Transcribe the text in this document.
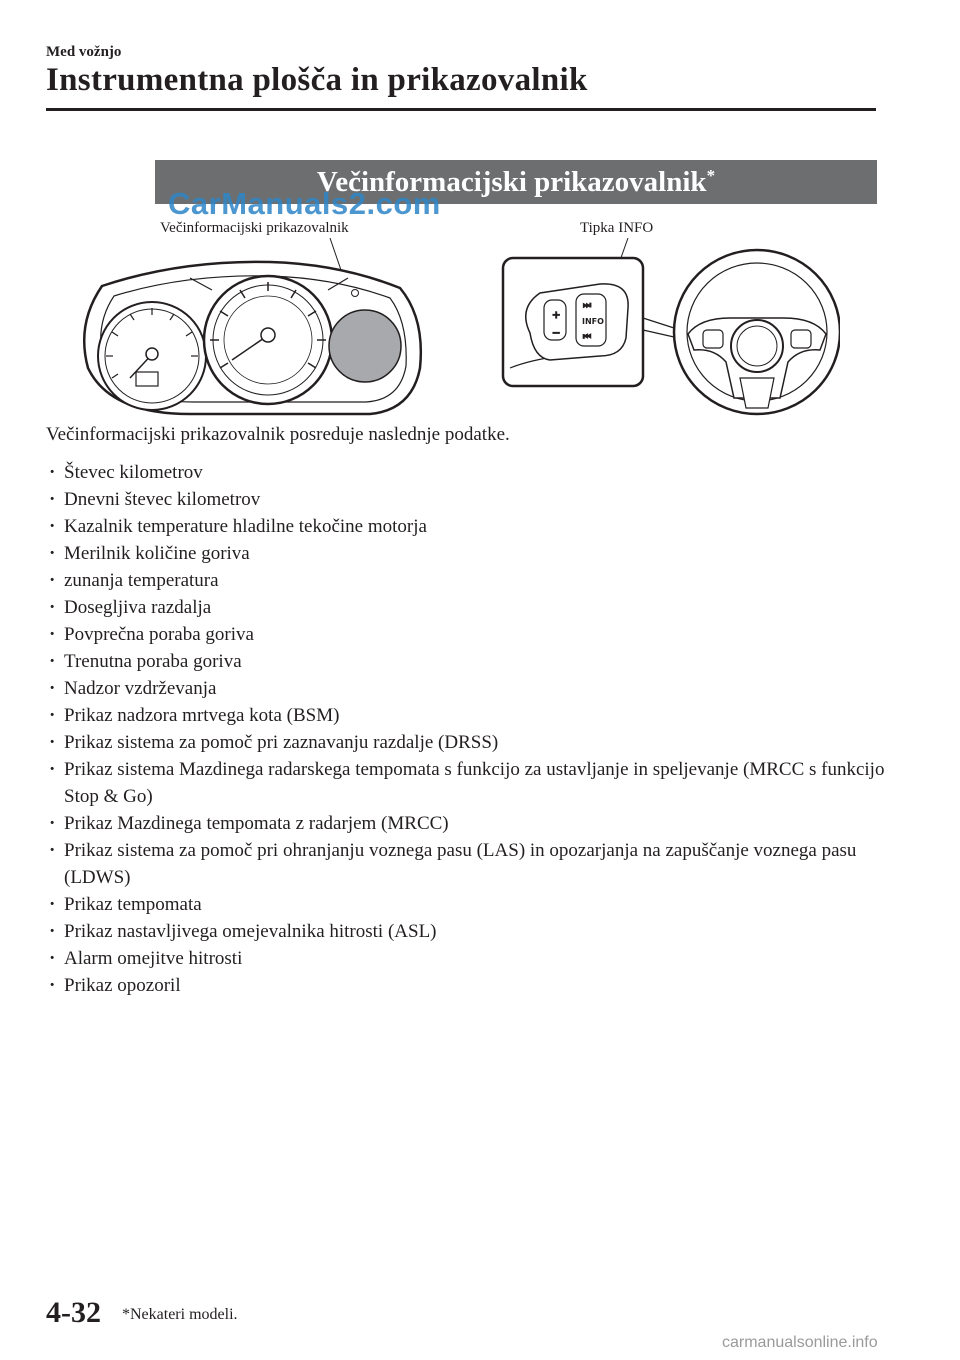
Med vožnjo
Instrumentna plošča in prikazovalnik
Večinformacijski prikazovalnik*
CarManuals2.com
Večinformacijski prikazovalnik	Tipka INFO
+
−
⏭
⏮
INFO
Večinformacijski prikazovalnik posreduje naslednje podatke.
· Števec kilometrov
· Dnevni števec kilometrov
· Kazalnik temperature hladilne tekočine motorja
· Merilnik količine goriva
· zunanja temperatura
· Dosegljiva razdalja
· Povprečna poraba goriva
· Trenutna poraba goriva
· Nadzor vzdrževanja
· Prikaz nadzora mrtvega kota (BSM)
· Prikaz sistema za pomoč pri zaznavanju razdalje (DRSS)
· Prikaz sistema Mazdinega radarskega tempomata s funkcijo za ustavljanje in speljevanje (MRCC s funkcijo Stop & Go)
· Prikaz Mazdinega tempomata z radarjem (MRCC)
· Prikaz sistema za pomoč pri ohranjanju voznega pasu (LAS) in opozarjanja na zapuščanje voznega pasu (LDWS)
· Prikaz tempomata
· Prikaz nastavljivega omejevalnika hitrosti (ASL)
· Alarm omejitve hitrosti
· Prikaz opozoril
4-32 *Nekateri modeli.
carmanualsonline.info
